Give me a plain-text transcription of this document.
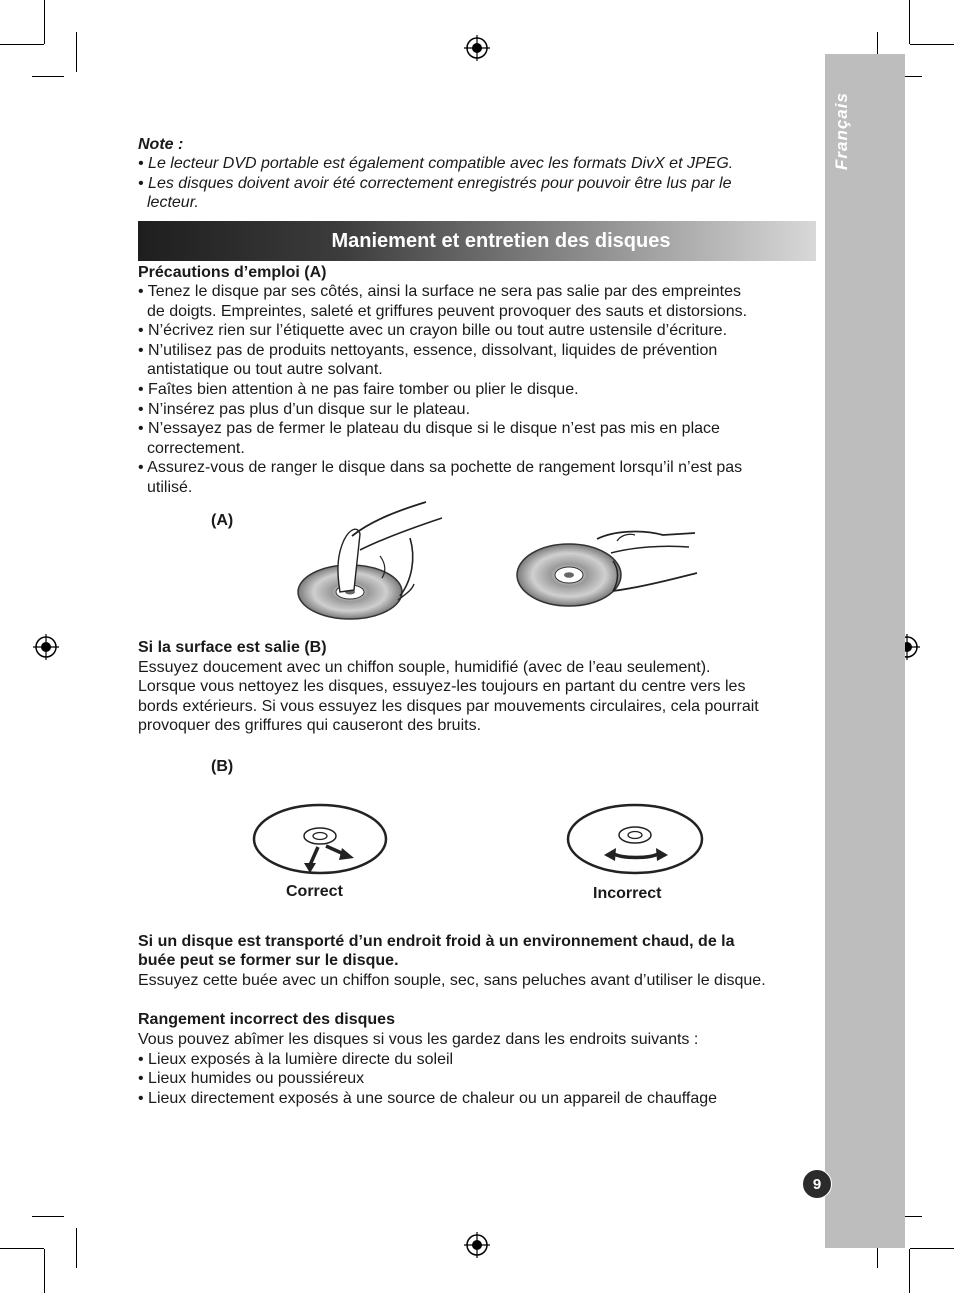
Français
9
Note :
• Le lecteur DVD portable est également compatible avec les formats DivX et JPEG.
• Les disques doivent avoir été correctement enregistrés pour pouvoir être lus par le
lecteur.
Maniement et entretien des disques
Précautions d’emploi (A)
• Tenez le disque par ses côtés, ainsi la surface ne sera pas salie par des empreintes
de doigts. Empreintes, saleté et griffures peuvent provoquer des sauts et distorsions.
• N’écrivez rien sur l’étiquette avec un crayon bille ou tout autre ustensile d’écriture.
• N’utilisez pas de produits nettoyants, essence, dissolvant, liquides de prévention
antistatique ou tout autre solvant.
• Faîtes bien attention à ne pas faire tomber ou plier le disque.
• N’insérez pas plus d’un disque sur le plateau.
• N’essayez pas de fermer le plateau du disque si le disque n’est pas mis en place
correctement.
• Assurez-vous de ranger le disque dans sa pochette de rangement lorsqu’il n’est pas
utilisé.
(A)
Si la surface est salie (B)
Essuyez doucement avec un chiffon souple, humidifié (avec de l’eau seulement).
Lorsque vous nettoyez les disques, essuyez-les toujours en partant du centre vers les
bords extérieurs. Si vous essuyez les disques par mouvements circulaires, cela pourrait
provoquer des griffures qui causeront des bruits.
(B)
Correct	Incorrect
Si un disque est transporté d’un endroit froid à un environnement chaud, de la
buée peut se former sur le disque.
Essuyez cette buée avec un chiffon souple, sec, sans peluches avant d’utiliser le disque.
Rangement incorrect des disques
Vous pouvez abîmer les disques si vous les gardez dans les endroits suivants :
• Lieux exposés à la lumière directe du soleil
• Lieux humides ou poussiéreux
• Lieux directement exposés à une source de chaleur ou un appareil de chauffage
